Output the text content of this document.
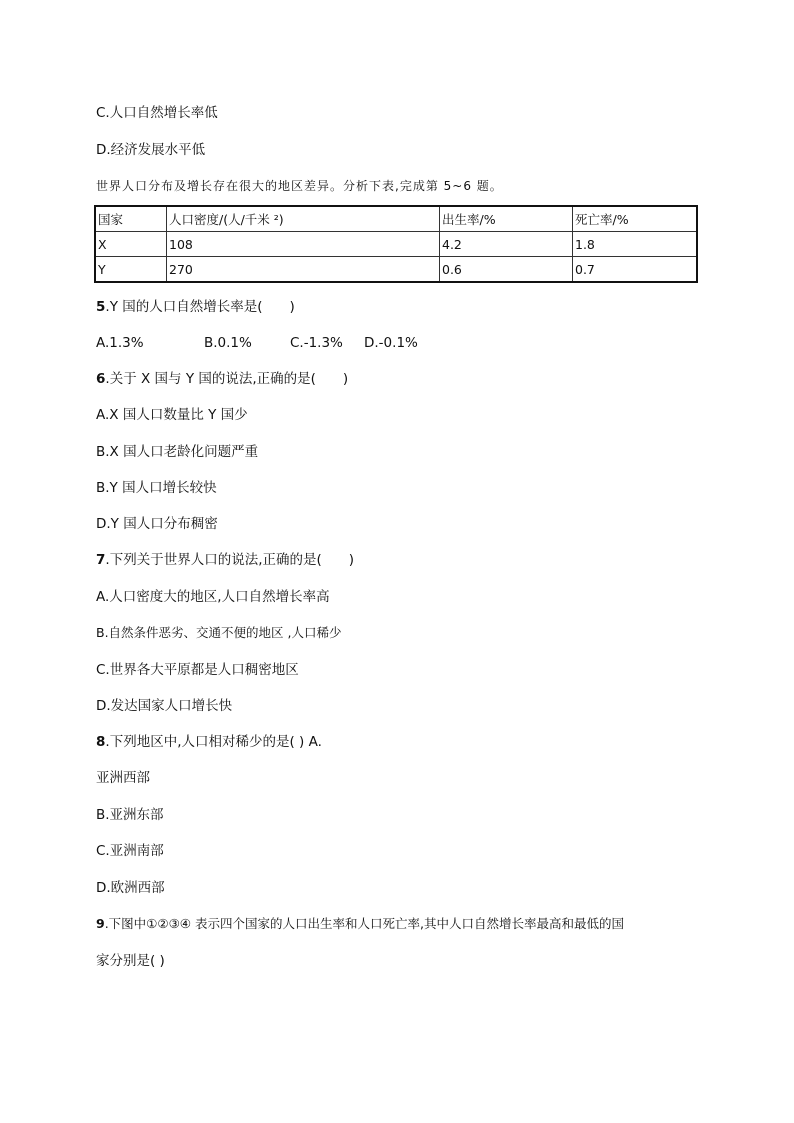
C.人口自然增长率低
D.经济发展水平低
世界人口分布及增长存在很大的地区差异。分析下表,完成第 5~6 题。
国家	人口密度/(人/千米 ²)	出生率/%	死亡率/%
X	108	4.2	1.8
Y	270	0.6	0.7
5.Y 国的人口自然增长率是(　　)
A.1.3%	B.0.1%	C.-1.3% D.-0.1%
6.关于 X 国与 Y 国的说法,正确的是(　　)
A.X 国人口数量比 Y 国少
B.X 国人口老龄化问题严重
B.Y 国人口增长较快
D.Y 国人口分布稠密
7.下列关于世界人口的说法,正确的是(　　)
A.人口密度大的地区,人口自然增长率高
B.自然条件恶劣、交通不便的地区 ,人口稀少
C.世界各大平原都是人口稠密地区
D.发达国家人口增长快
8.下列地区中,人口相对稀少的是( ) A.
亚洲西部
B.亚洲东部
C.亚洲南部
D.欧洲西部
9.下图中①②③④ 表示四个国家的人口出生率和人口死亡率,其中人口自然增长率最高和最低的国
家分别是( )
